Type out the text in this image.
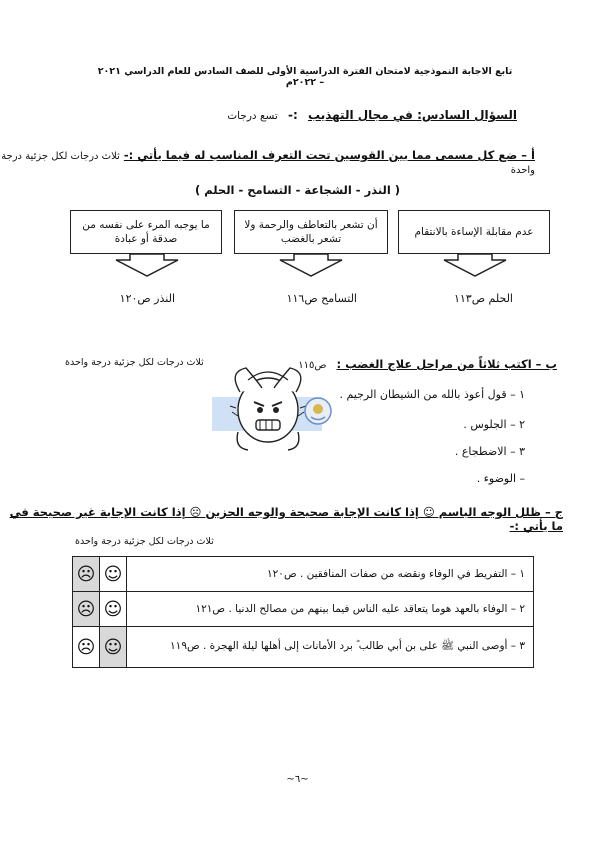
تابع الاجابة النموذجية لامتحان الفترة الدراسية الأولى للصف السادس للعام الدراسي ٢٠٢١ – ٢٠٢٢م
السؤال السادس: في مجال التهذيب :- تسع درجات
أ – ضع كل مسمى مما بين القوسين تحت التعرف المناسب له فيما يأتي :- ثلاث درجات لكل جزئية درجة واحدة
( النذر - الشجاعة - التسامح - الحلم )
عدم مقابلة الإساءة بالانتقام
أن تشعر بالتعاطف والرحمة ولا تشعر بالغضب
ما يوجبه المرء على نفسه من صدقة أو عبادة
الحلم ص١١٣
التسامح ص١١٦
النذر ص١٢٠
ب – اكتب ثلاثاً من مراحل علاج الغضب : ص١١٥
ثلاث درجات لكل جزئية درجة واحدة
١ – قول أعوذ بالله من الشيطان الرجيم .
٢ – الجلوس .
٣ – الاضطجاع .
– الوضوء .
ج – ظلل الوجه الباسم ☺ إذا كانت الإجابة صحيحة والوجه الحزين ☹ إذا كانت الإجابة غير صحيحة في ما يأتي :-
ثلاث درجات لكل جزئية درجة واحدة
١ – التفريط في الوفاء ونقضه من صفات المنافقين . ص١٢٠	☺	☹
٢ – الوفاء بالعهد هوما يتعاقد عليه الناس فيما بينهم من مصالح الدنيا . ص١٢١	☺	☹
٣ – أوصى النبي ﷺ على بن أبي طالب ؓ برد الأمانات إلى أهلها ليلة الهجرة . ص١١٩	☺	☹
~٦~
